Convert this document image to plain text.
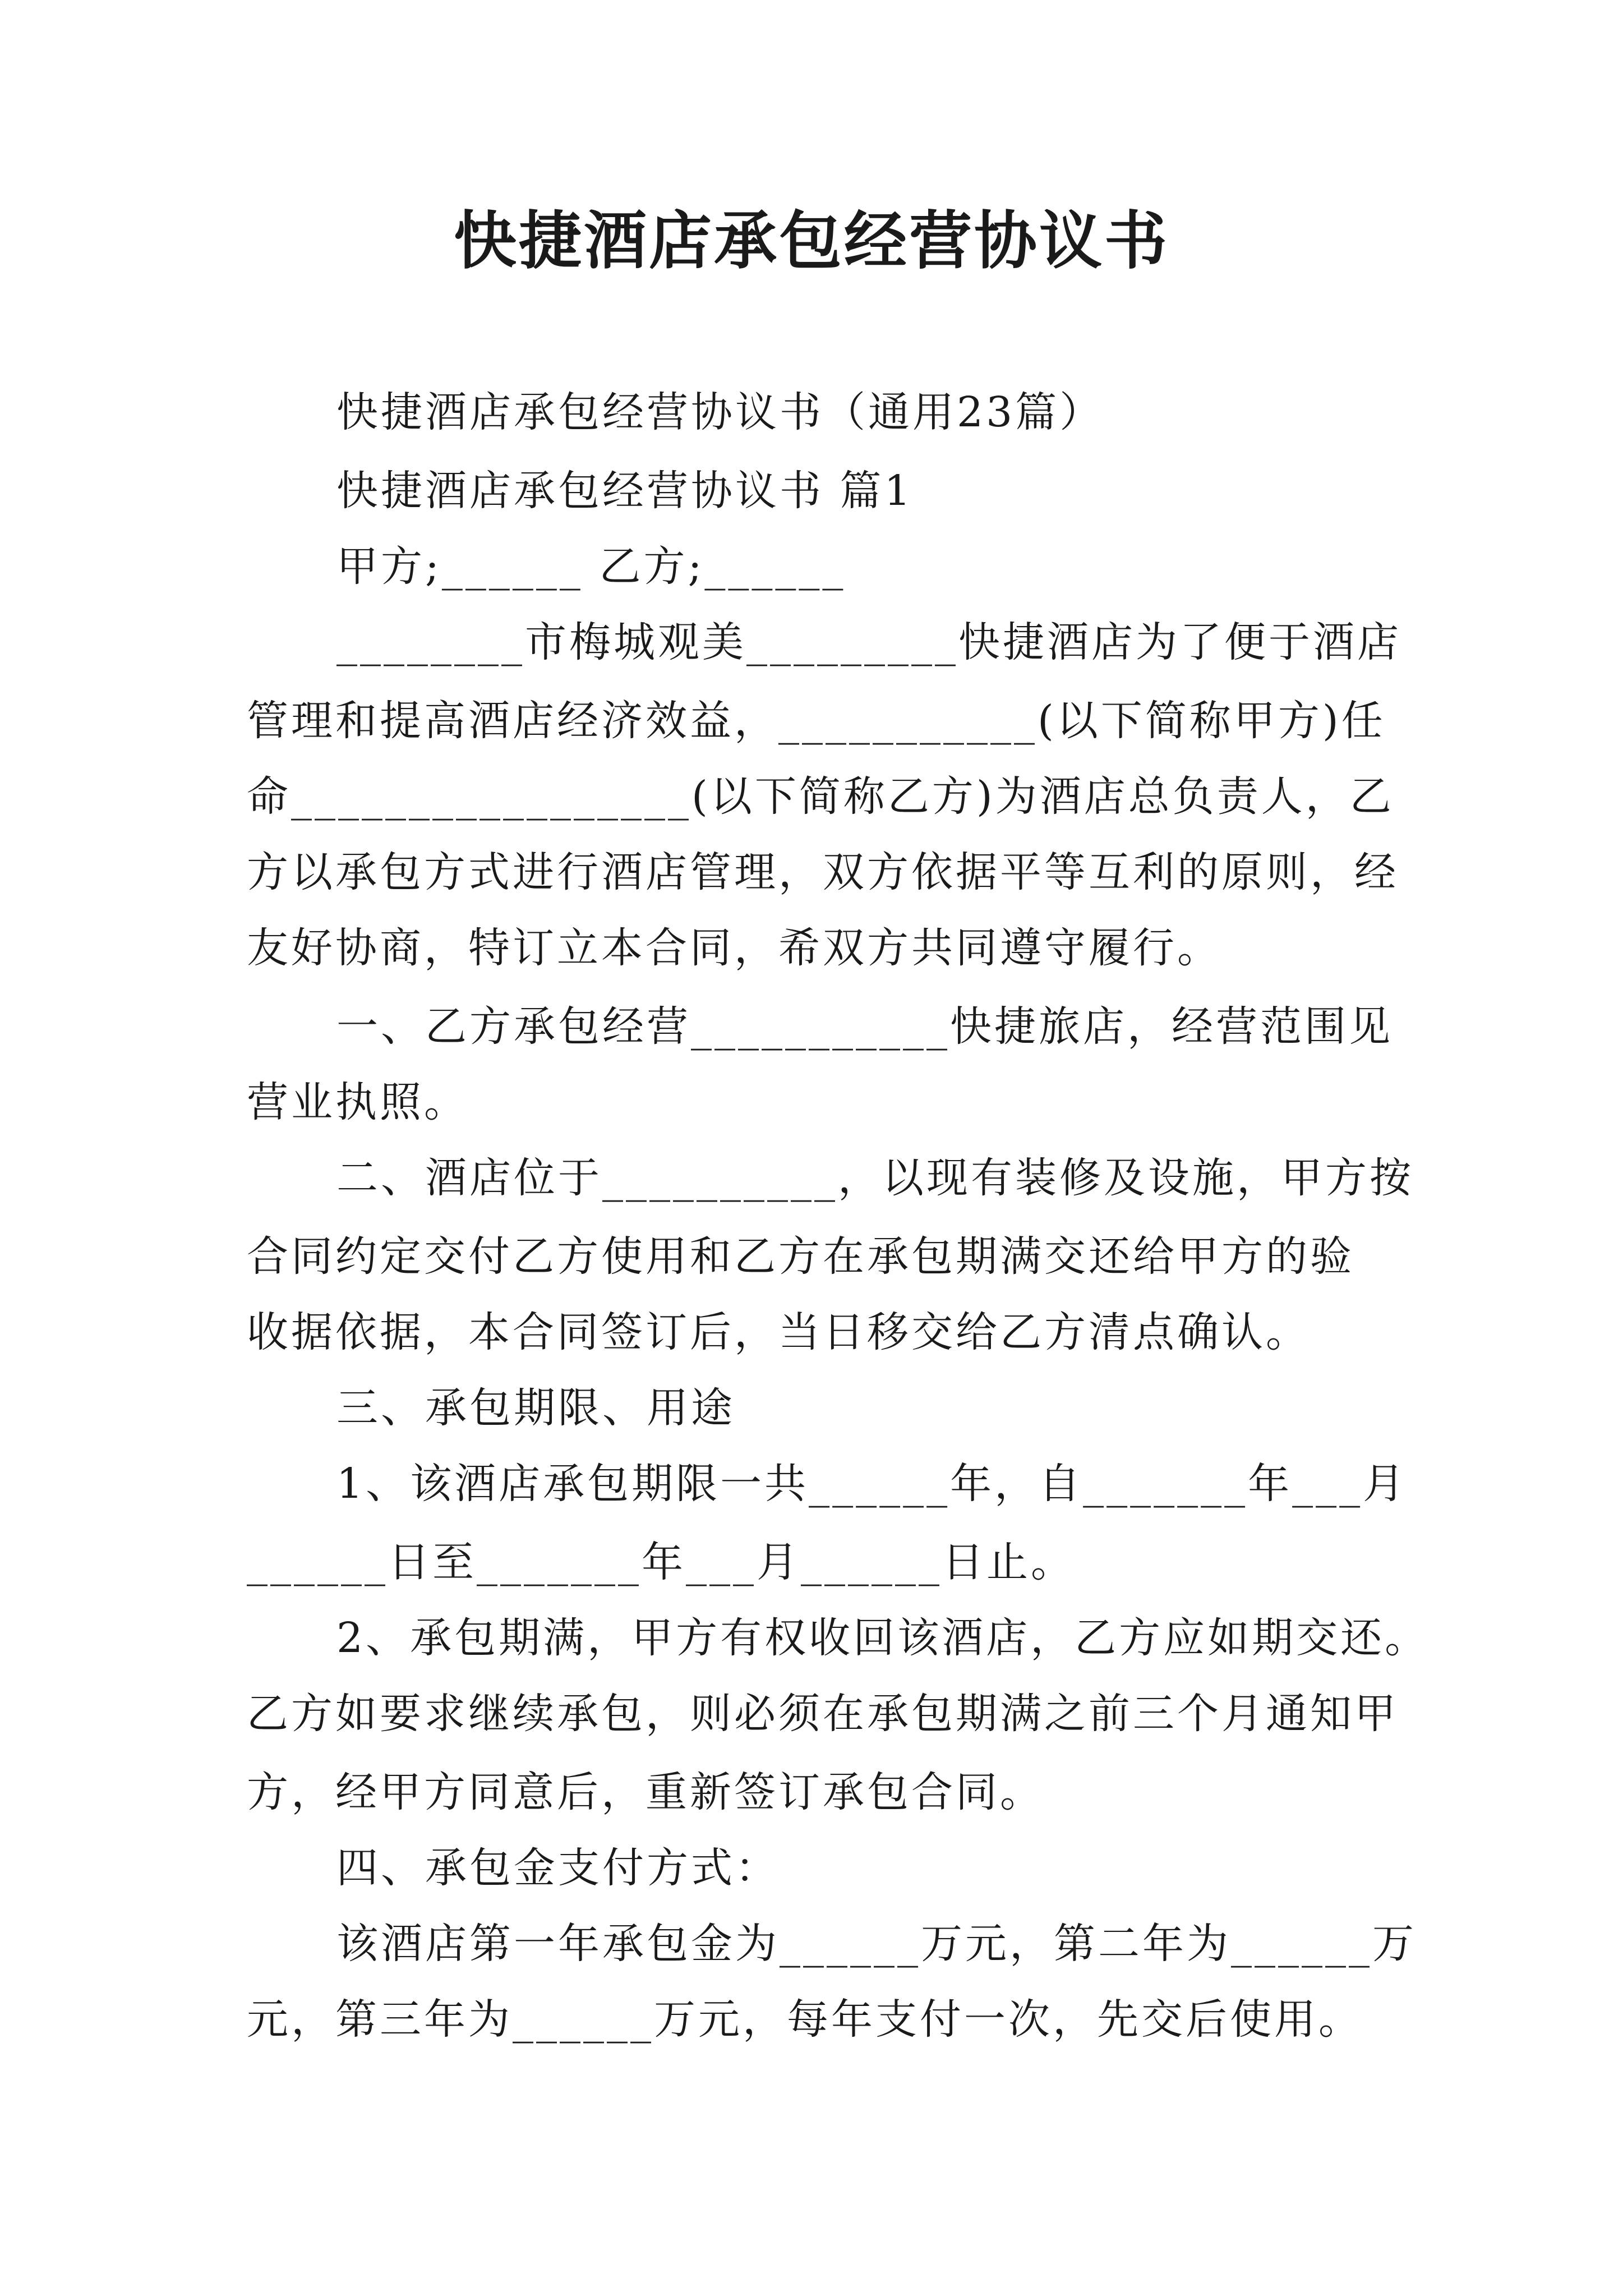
快捷酒店承包经营协议书
快捷酒店承包经营协议书（通用23篇）
快捷酒店承包经营协议书 篇1
甲方;______ 乙方;______
________市梅城观美_________快捷酒店为了便于酒店
管理和提高酒店经济效益，___________(以下简称甲方)任
命_________________(以下简称乙方)为酒店总负责人，乙
方以承包方式进行酒店管理，双方依据平等互利的原则，经
友好协商，特订立本合同，希双方共同遵守履行。
一、乙方承包经营___________快捷旅店，经营范围见
营业执照。
二、酒店位于__________，以现有装修及设施，甲方按
合同约定交付乙方使用和乙方在承包期满交还给甲方的验
收据依据，本合同签订后，当日移交给乙方清点确认。
三、承包期限、用途
1、该酒店承包期限一共______年，自_______年___月
______日至_______年___月______日止。
2、承包期满，甲方有权收回该酒店，乙方应如期交还。
乙方如要求继续承包，则必须在承包期满之前三个月通知甲
方，经甲方同意后，重新签订承包合同。
四、承包金支付方式：
该酒店第一年承包金为______万元，第二年为______万
元，第三年为______万元，每年支付一次，先交后使用。
